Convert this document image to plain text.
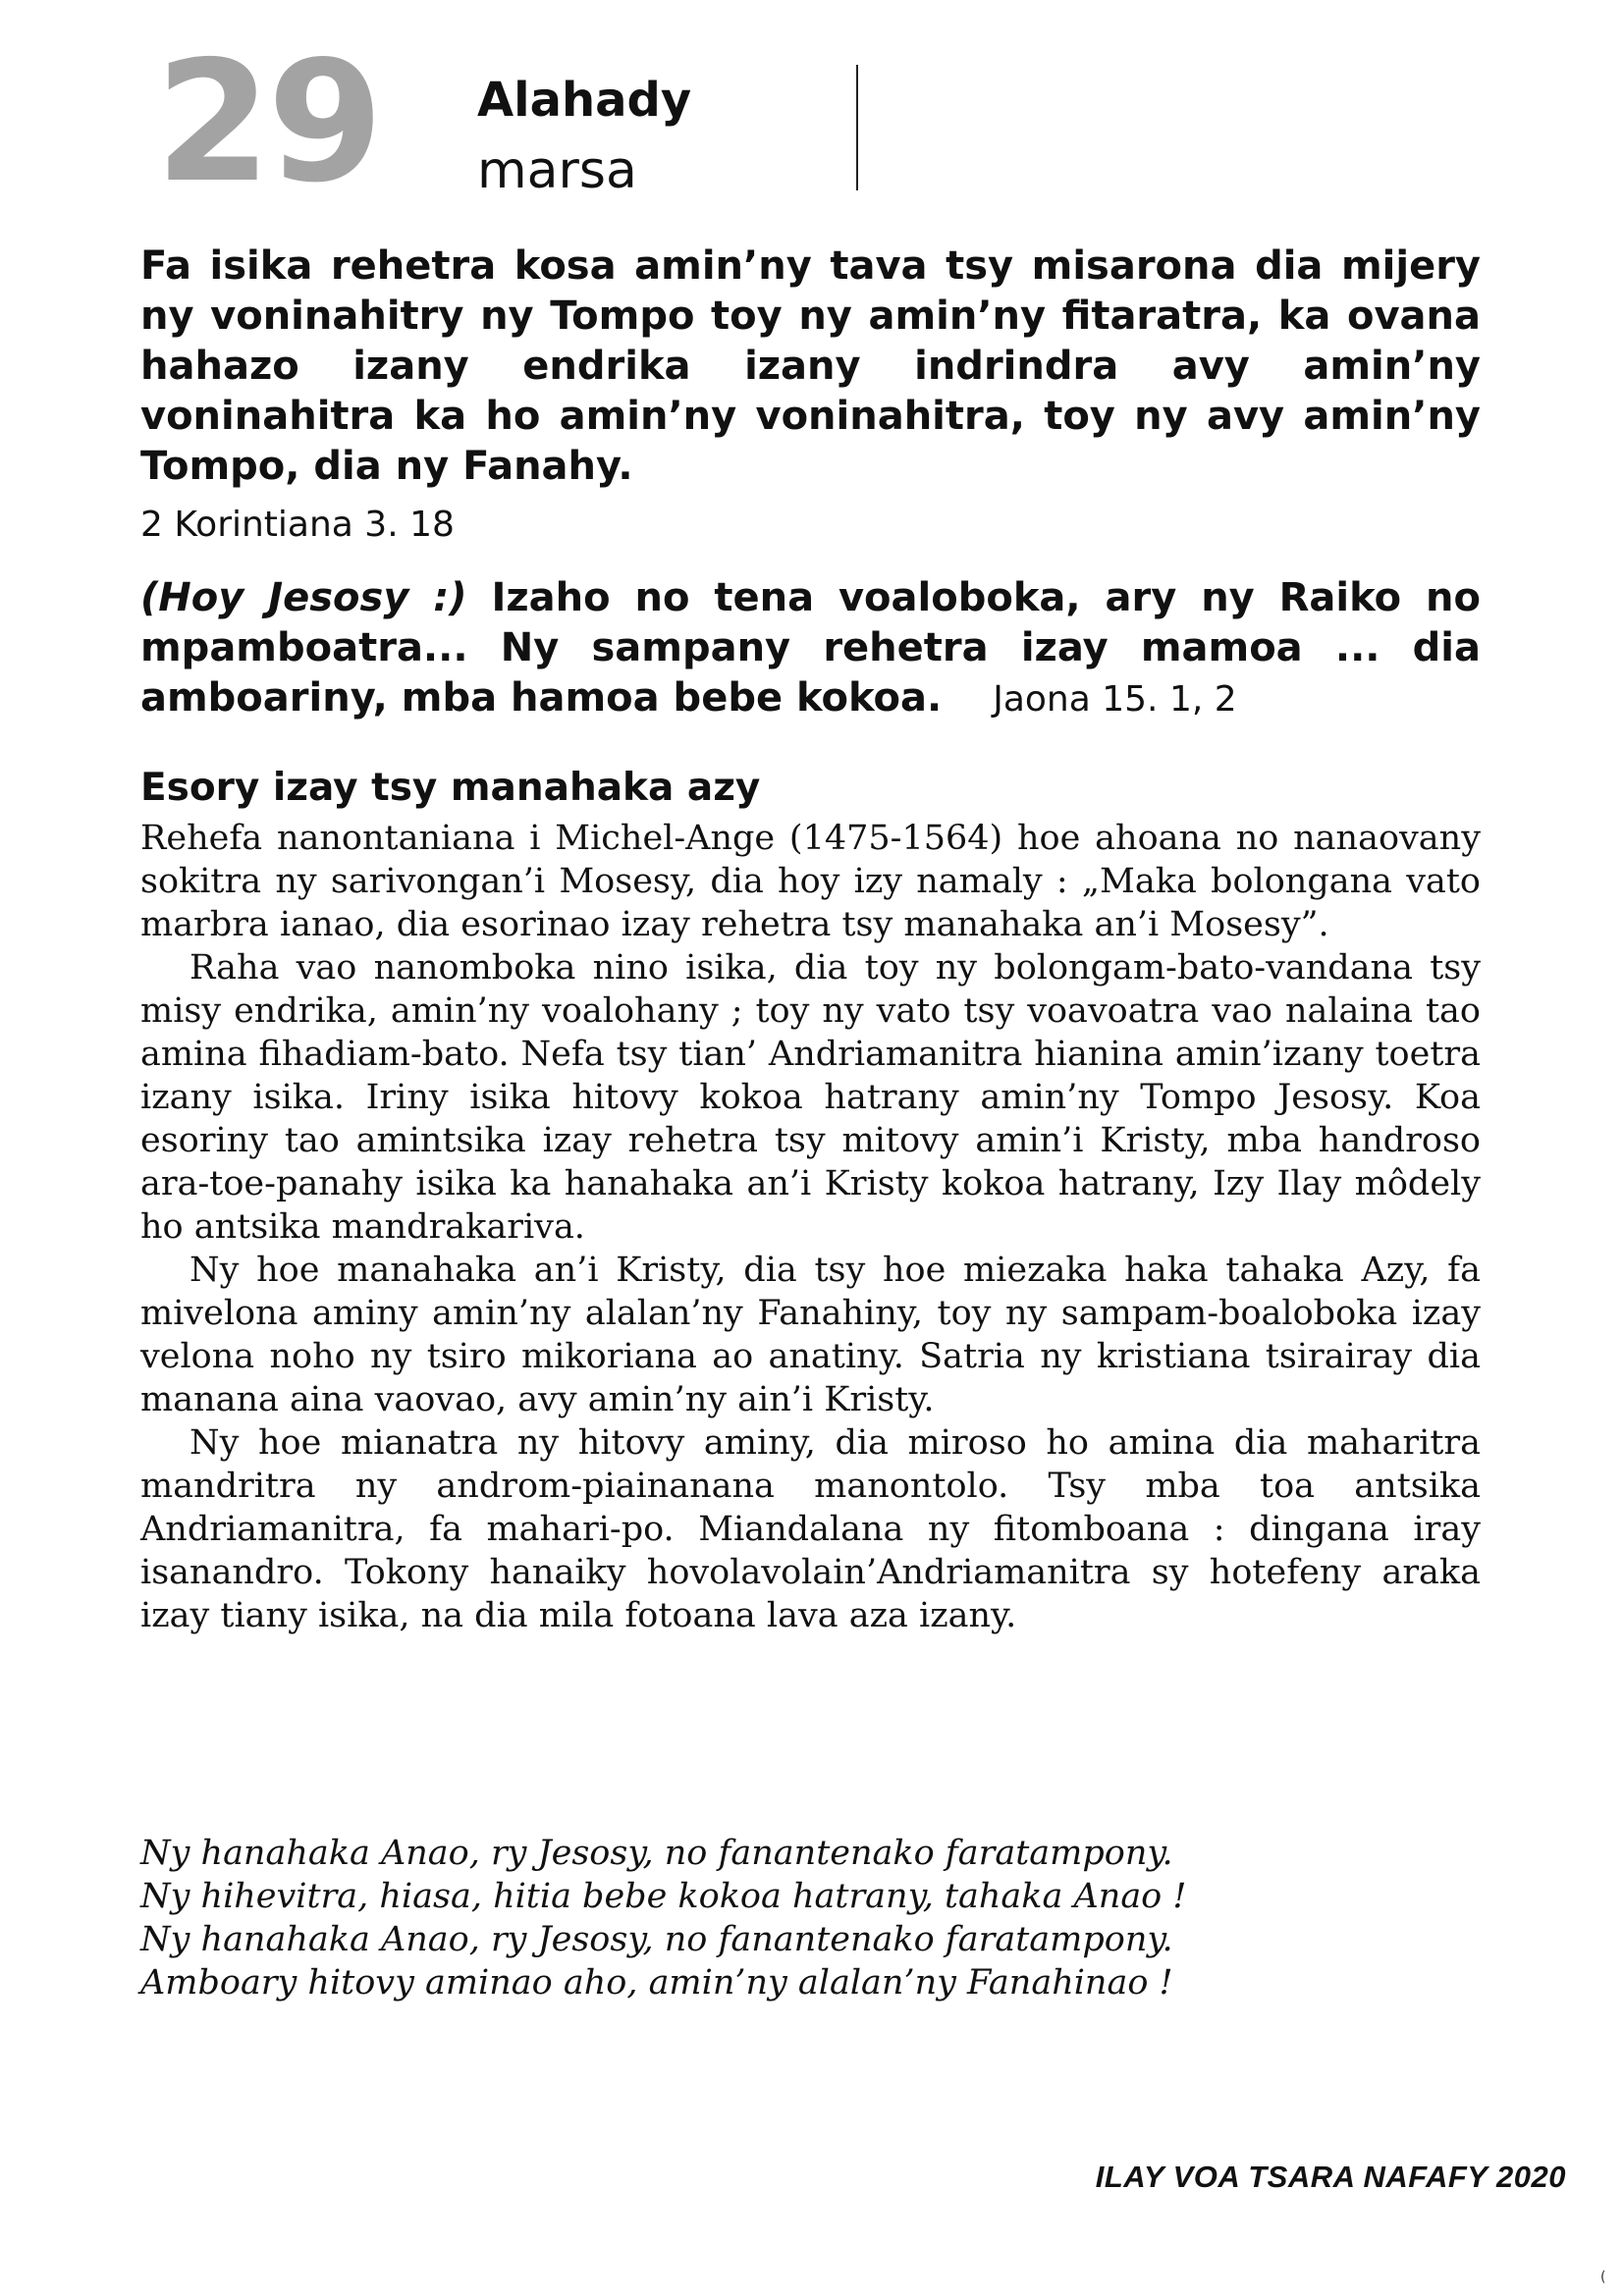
29 Alahady
marsa
Fa isika rehetra kosa amin’ny tava tsy misarona dia mijery ny voninahitry ny Tompo toy ny amin’ny fitaratra, ka ovana hahazo izany endrika izany indrindra avy amin’ny voninahitra ka ho amin’ny voninahitra, toy ny avy amin’ny Tompo, dia ny Fanahy.
2 Korintiana 3. 18
(Hoy Jesosy :) Izaho no tena voaloboka, ary ny Raiko no mpamboatra... Ny sampany rehetra izay mamoa ... dia amboariny, mba hamoa bebe kokoa. Jaona 15. 1, 2
Esory izay tsy manahaka azy

Rehefa nanontaniana i Michel-Ange (1475-1564) hoe ahoana no nanaovany sokitra ny sarivongan’i Mosesy, dia hoy izy namaly : „Maka bolongana vato marbra ianao, dia esorinao izay rehetra tsy manahaka an’i Mosesy”.

Raha vao nanomboka nino isika, dia toy ny bolongam-bato-vandana tsy misy endrika, amin’ny voalohany ; toy ny vato tsy voavoatra vao nalaina tao amina fihadiam-bato. Nefa tsy tian’ Andriamanitra hianina amin’izany toetra izany isika. Iriny isika hitovy kokoa hatrany amin’ny Tompo Jesosy. Koa esoriny tao amintsika izay rehetra tsy mitovy amin’i Kristy, mba handroso ara-toe-panahy isika ka hanahaka an’i Kristy kokoa hatrany, Izy Ilay môdely ho antsika mandrakariva.

Ny hoe manahaka an’i Kristy, dia tsy hoe miezaka haka tahaka Azy, fa mivelona aminy amin’ny alalan’ny Fanahiny, toy ny sampam-boaloboka izay velona noho ny tsiro mikoriana ao anatiny. Satria ny kristiana tsirairay dia manana aina vaovao, avy amin’ny ain’i Kristy.

Ny hoe mianatra ny hitovy aminy, dia miroso ho amina dia maharitra mandritra ny androm-piainanana manontolo. Tsy mba toa antsika Andriamanitra, fa mahari-po. Miandalana ny fitomboana : dingana iray isanandro. Tokony hanaiky hovolavolain’Andriamanitra sy hotefeny araka izay tiany isika, na dia mila fotoana lava aza izany.

Ny hanahaka Anao, ry Jesosy, no fanantenako faratampony.
Ny hihevitra, hiasa, hitia bebe kokoa hatrany, tahaka Anao !
Ny hanahaka Anao, ry Jesosy, no fanantenako faratampony.
Amboary hitovy aminao aho, amin’ny alalan’ny Fanahinao !
ILAY VOA TSARA NAFAFY 2020
(
